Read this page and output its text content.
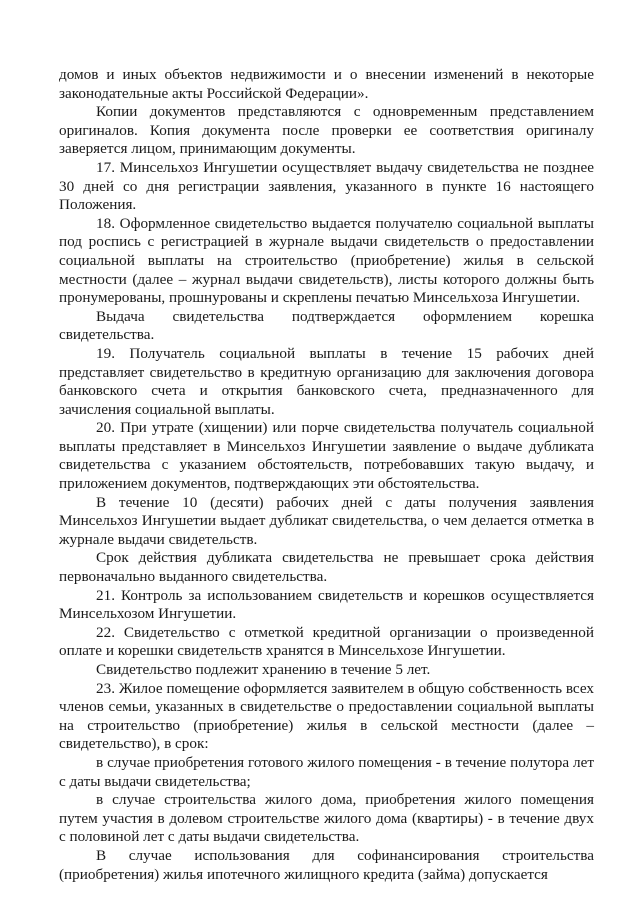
домов и иных объектов недвижимости и о внесении изменений в некоторые законодательные акты Российской Федерации».

Копии документов представляются с одновременным представлением оригиналов. Копия документа после проверки ее соответствия оригиналу заверяется лицом, принимающим документы.

17. Минсельхоз Ингушетии осуществляет выдачу свидетельства не позднее 30 дней со дня регистрации заявления, указанного в пункте 16 настоящего Положения.

18. Оформленное свидетельство выдается получателю социальной выплаты под роспись с регистрацией в журнале выдачи свидетельств о предоставлении социальной выплаты на строительство (приобретение) жилья в сельской местности (далее – журнал выдачи свидетельств), листы которого должны быть пронумерованы, прошнурованы и скреплены печатью Минсельхоза Ингушетии.

Выдача свидетельства подтверждается оформлением корешка свидетельства.

19. Получатель социальной выплаты в течение 15 рабочих дней представляет свидетельство в кредитную организацию для заключения договора банковского счета и открытия банковского счета, предназначенного для зачисления социальной выплаты.

20. При утрате (хищении) или порче свидетельства получатель социальной выплаты представляет в Минсельхоз Ингушетии заявление о выдаче дубликата свидетельства с указанием обстоятельств, потребовавших такую выдачу, и приложением документов, подтверждающих эти обстоятельства.

В течение 10 (десяти) рабочих дней с даты получения заявления Минсельхоз Ингушетии выдает дубликат свидетельства, о чем делается отметка в журнале выдачи свидетельств.

Срок действия дубликата свидетельства не превышает срока действия первоначально выданного свидетельства.

21. Контроль за использованием свидетельств и корешков осуществляется Минсельхозом Ингушетии.

22. Свидетельство с отметкой кредитной организации о произведенной оплате и корешки свидетельств хранятся в Минсельхозе Ингушетии.

Свидетельство подлежит хранению в течение 5 лет.

23. Жилое помещение оформляется заявителем в общую собственность всех членов семьи, указанных в свидетельстве о предоставлении социальной выплаты на строительство (приобретение) жилья в сельской местности (далее – свидетельство), в срок:

в случае приобретения готового жилого помещения - в течение полутора лет с даты выдачи свидетельства;

в случае строительства жилого дома, приобретения жилого помещения путем участия в долевом строительстве жилого дома (квартиры) - в течение двух с половиной лет с даты выдачи свидетельства.

В случае использования для софинансирования строительства (приобретения) жилья ипотечного жилищного кредита (займа) допускается
